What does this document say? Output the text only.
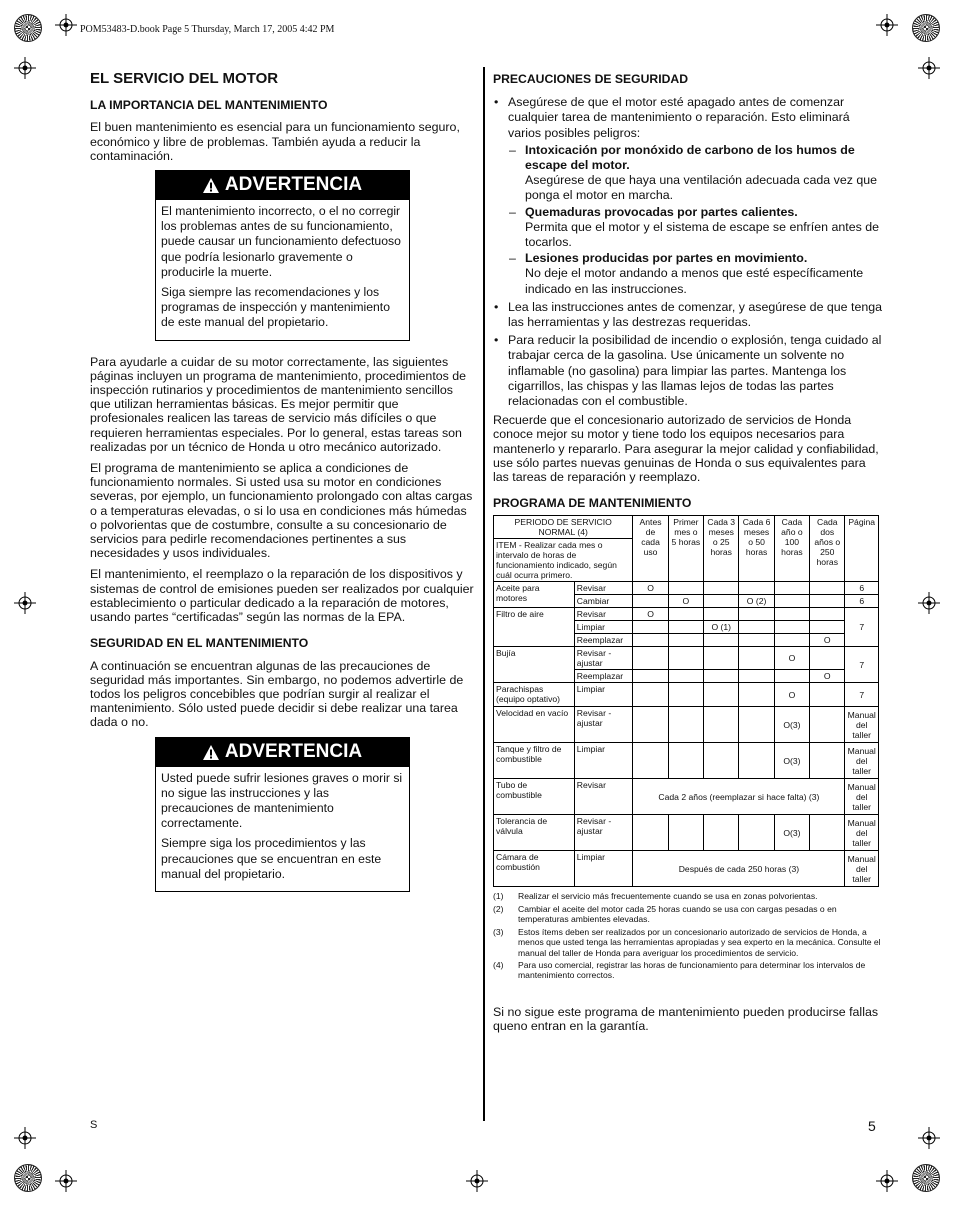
POM53483-D.book Page 5 Thursday, March 17, 2005 4:42 PM
EL SERVICIO DEL MOTOR
LA IMPORTANCIA DEL MANTENIMIENTO

El buen mantenimiento es esencial para un funcionamiento seguro, económico y libre de problemas. También ayuda a reducir la contaminación.

ADVERTENCIA

El mantenimiento incorrecto, o el no corregir los problemas antes de su funcionamiento, puede causar un funcionamiento defectuoso que podría lesionarlo gravemente o producirle la muerte.

Siga siempre las recomendaciones y los programas de inspección y mantenimiento de este manual del propietario.

Para ayudarle a cuidar de su motor correctamente, las siguientes páginas incluyen un programa de mantenimiento, procedimientos de inspección rutinarios y procedimientos de mantenimiento sencillos que utilizan herramientas básicas. Es mejor permitir que profesionales realicen las tareas de servicio más difíciles o que requieren herramientas especiales. Por lo general, estas tareas son realizadas por un técnico de Honda u otro mecánico autorizado.

El programa de mantenimiento se aplica a condiciones de funcionamiento normales. Si usted usa su motor en condiciones severas, por ejemplo, un funcionamiento prolongado con altas cargas o a temperaturas elevadas, o si lo usa en condiciones más húmedas o polvorientas que de costumbre, consulte a su concesionario de servicios para pedirle recomendaciones pertinentes a sus necesidades y usos individuales.

El mantenimiento, el reemplazo o la reparación de los dispositivos y sistemas de control de emisiones pueden ser realizados por cualquier establecimiento o particular dedicado a la reparación de motores, usando partes “certificadas” según las normas de la EPA.

SEGURIDAD EN EL MANTENIMIENTO

A continuación se encuentran algunas de las precauciones de seguridad más importantes. Sin embargo, no podemos advertirle de todos los peligros concebibles que podrían surgir al realizar el mantenimiento. Sólo usted puede decidir si debe realizar una tarea dada o no.

ADVERTENCIA

Usted puede sufrir lesiones graves o morir si no sigue las instrucciones y las precauciones de mantenimiento correctamente.

Siempre siga los procedimientos y las precauciones que se encuentran en este manual del propietario.

S
PRECAUCIONES DE SEGURIDAD
• Asegúrese de que el motor esté apagado antes de comenzar cualquier tarea de mantenimiento o reparación. Esto eliminará varios posibles peligros:
– Intoxicación por monóxido de carbono de los humos de escape del motor.
Asegúrese de que haya una ventilación adecuada cada vez que ponga el motor en marcha.
– Quemaduras provocadas por partes calientes.
Permita que el motor y el sistema de escape se enfríen antes de tocarlos.
– Lesiones producidas por partes en movimiento.
No deje el motor andando a menos que esté específicamente indicado en las instrucciones.
• Lea las instrucciones antes de comenzar, y asegúrese de que tenga las herramientas y las destrezas requeridas.
• Para reducir la posibilidad de incendio o explosión, tenga cuidado al trabajar cerca de la gasolina. Use únicamente un solvente no inflamable (no gasolina) para limpiar las partes. Mantenga los cigarrillos, las chispas y las llamas lejos de todas las partes relacionadas con el combustible.

Recuerde que el concesionario autorizado de servicios de Honda conoce mejor su motor y tiene todo los equipos necesarios para mantenerlo y repararlo. Para asegurar la mejor calidad y confiabilidad, use sólo partes nuevas genuinas de Honda o sus equivalentes para las tareas de reparación y reemplazo.

PROGRAMA DE MANTENIMIENTO
PERIODO DE SERVICIO NORMAL (4)
ITEM - Realizar cada mes o intervalo de horas de funcionamiento indicado, según cuál ocurra primero.		Antes de cada uso	Primer mes o 5 horas	Cada 3 meses o 25 horas	Cada 6 meses o 50 horas	Cada año o 100 horas	Cada dos años o 250 horas	Página
Aceite para motores	Revisar	O						6
	Cambiar		O		O (2)			6
Filtro de aire	Revisar	O						7
	Limpiar			O (1)				
	Reemplazar						O	
Bujía	Revisar - ajustar					O		7
	Reemplazar						O	
Parachispas (equipo optativo)	Limpiar					O		7
Velocidad en vacío	Revisar - ajustar					O(3)		Manual del taller
Tanque y filtro de combustible	Limpiar					O(3)		Manual del taller
Tubo de combustible	Revisar	Cada 2 años (reemplazar si hace falta) (3)						Manual del taller
Tolerancia de válvula	Revisar - ajustar					O(3)		Manual del taller
Cámara de combustión	Limpiar	Después de cada 250 horas (3)						Manual del taller
(1)	Realizar el servicio más frecuentemente cuando se usa en zonas polvorientas.
(2)	Cambiar el aceite del motor cada 25 horas cuando se usa con cargas pesadas o en temperaturas ambientes elevadas.
(3)	Estos ítems deben ser realizados por un concesionario autorizado de servicios de Honda, a menos que usted tenga las herramientas apropiadas y sea experto en la mecánica. Consulte el manual del taller de Honda para averiguar los procedimientos de servicio.
(4)	Para uso comercial, registrar las horas de funcionamiento para determinar los intervalos de mantenimiento correctos.

Si no sigue este programa de mantenimiento pueden producirse fallas queno entran en la garantía.

5
